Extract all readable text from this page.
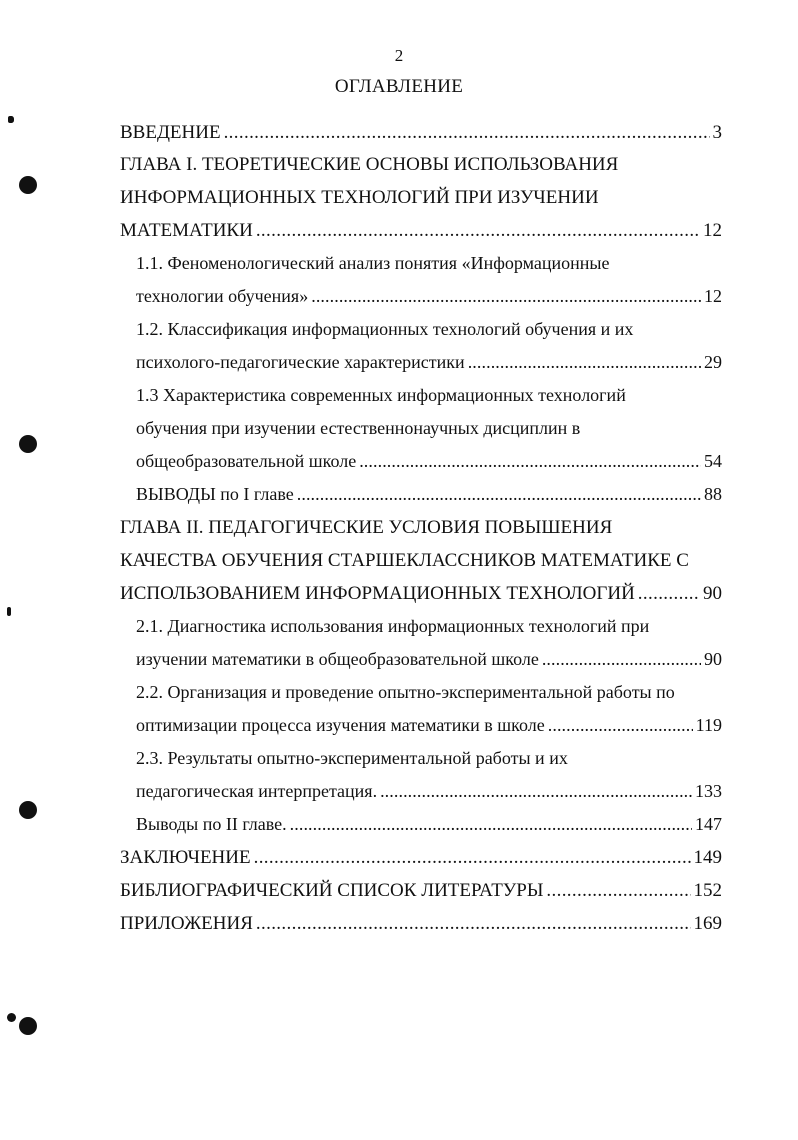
2
ОГЛАВЛЕНИЕ
ВВЕДЕНИЕ . . .	3
ГЛАВА I. ТЕОРЕТИЧЕСКИЕ ОСНОВЫ ИСПОЛЬЗОВАНИЯ
ИНФОРМАЦИОННЫХ ТЕХНОЛОГИЙ ПРИ ИЗУЧЕНИИ
МАТЕМАТИКИ . . .	12
1.1. Феноменологический анализ понятия «Информационные
технологии обучения» . . .	12
1.2. Классификация информационных технологий обучения и их
психолого-педагогические характеристики . . .	29
1.3 Характеристика современных информационных технологий
обучения при изучении естественнонаучных дисциплин в
общеобразовательной школе . . .	54
ВЫВОДЫ по I главе . . .	88
ГЛАВА II. ПЕДАГОГИЧЕСКИЕ УСЛОВИЯ ПОВЫШЕНИЯ
КАЧЕСТВА ОБУЧЕНИЯ СТАРШЕКЛАССНИКОВ МАТЕМАТИКЕ С
ИСПОЛЬЗОВАНИЕМ ИНФОРМАЦИОННЫХ ТЕХНОЛОГИЙ . . .	90
2.1. Диагностика использования информационных технологий при
изучении математики в общеобразовательной школе . . .	90
2.2. Организация и проведение опытно-экспериментальной работы по
оптимизации процесса изучения математики в школе . . .	119
2.3. Результаты опытно-экспериментальной работы и их
педагогическая интерпретация. . . .	133
Выводы по II главе. . . .	147
ЗАКЛЮЧЕНИЕ . . .	149
БИБЛИОГРАФИЧЕСКИЙ СПИСОК ЛИТЕРАТУРЫ . . .	152
ПРИЛОЖЕНИЯ . . .	169
